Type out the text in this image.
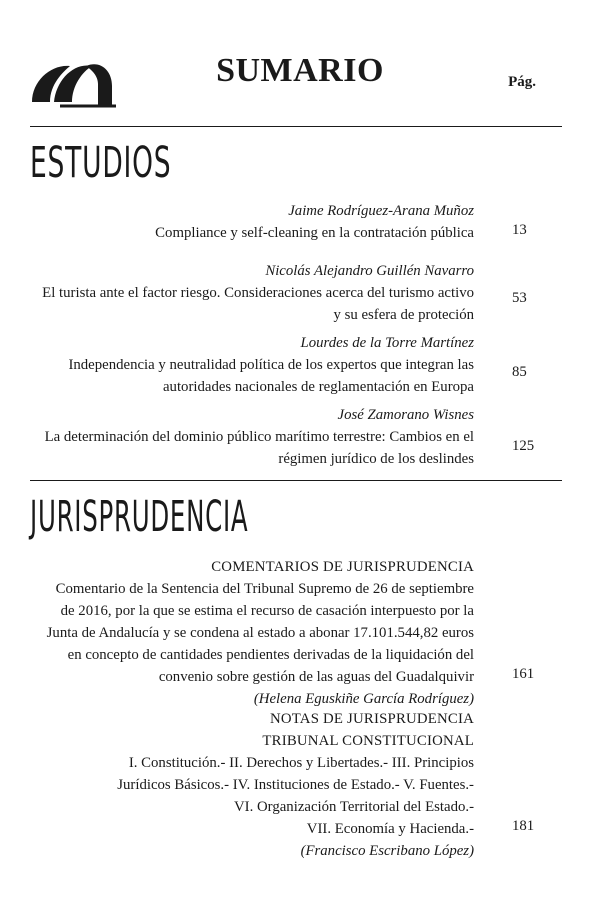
SUMARIO	Pág.
ESTUDIOS
Jaime Rodríguez-Arana Muñoz
Compliance y self-cleaning en la contratación pública	13
Nicolás Alejandro Guillén Navarro
El turista ante el factor riesgo. Consideraciones acerca del turismo activo
y su esfera de proteción
53
Lourdes de la Torre Martínez
Independencia y neutralidad política de los expertos que integran las
autoridades nacionales de reglamentación en Europa
85
José Zamorano Wisnes
La determinación del dominio público marítimo terrestre: Cambios en el
régimen jurídico de los deslindes
125
JURISPRUDENCIA
COMENTARIOS DE JURISPRUDENCIA
Comentario de la Sentencia del Tribunal Supremo de 26 de septiembre
de 2016, por la que se estima el recurso de casación interpuesto por la
Junta de Andalucía y se condena al estado a abonar 17.101.544,82 euros
en concepto de cantidades pendientes derivadas de la liquidación del
convenio sobre gestión de las aguas del Guadalquivir
(Helena Eguskiñe García Rodríguez)
161
NOTAS DE JURISPRUDENCIA
TRIBUNAL CONSTITUCIONAL
I. Constitución.- II. Derechos y Libertades.- III. Principios
Jurídicos Básicos.- IV. Instituciones de Estado.- V. Fuentes.-
VI. Organización Territorial del Estado.-
VII. Economía y Hacienda.-
(Francisco Escribano López)
181
